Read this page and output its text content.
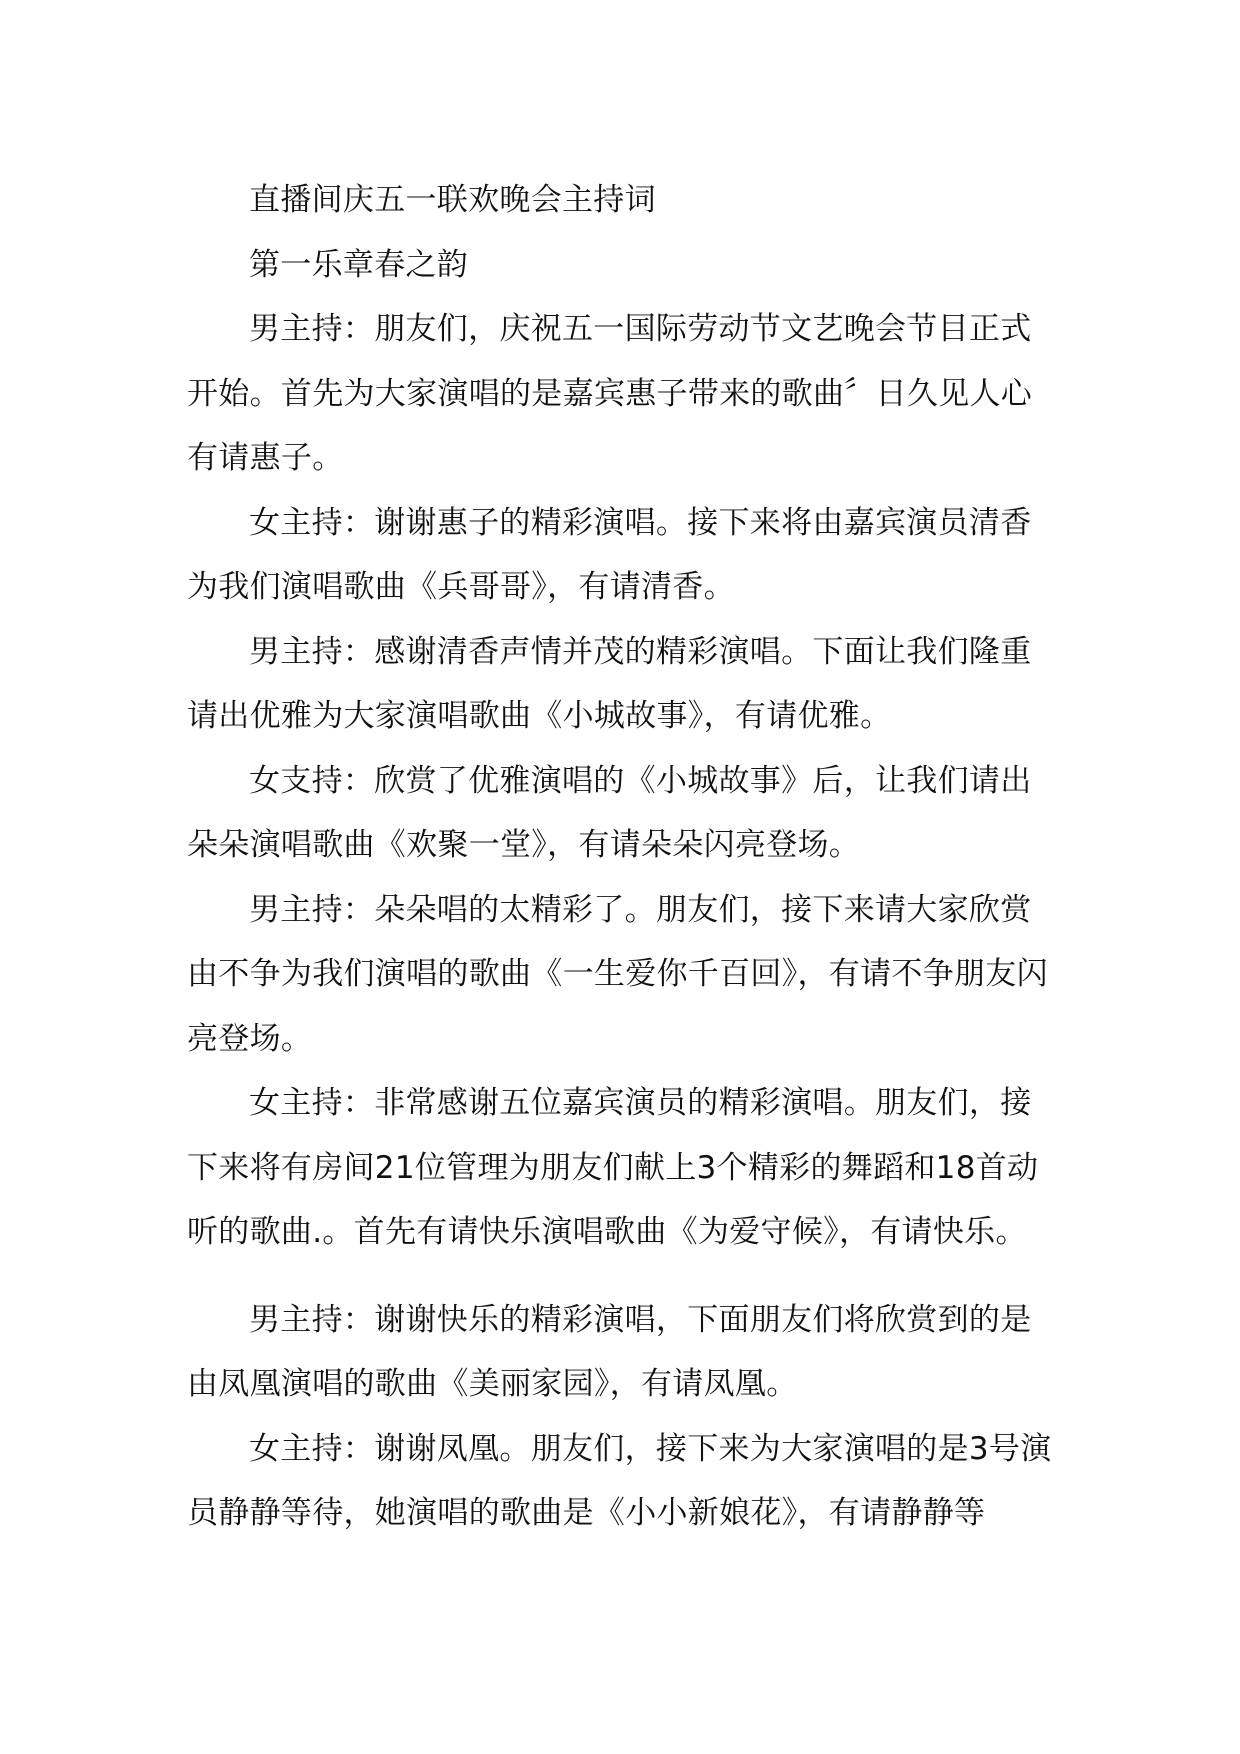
直播间庆五一联欢晚会主持词

第一乐章春之韵

男主持：朋友们，庆祝五一国际劳动节文艺晚会节目正式开始。首先为大家演唱的是嘉宾惠子带来的歌曲〞日久见人心有请惠子。

女主持：谢谢惠子的精彩演唱。接下来将由嘉宾演员清香为我们演唱歌曲《兵哥哥》，有请清香。

男主持：感谢清香声情并茂的精彩演唱。下面让我们隆重请出优雅为大家演唱歌曲《小城故事》，有请优雅。

女支持：欣赏了优雅演唱的《小城故事》后，让我们请出朵朵演唱歌曲《欢聚一堂》，有请朵朵闪亮登场。

男主持：朵朵唱的太精彩了。朋友们，接下来请大家欣赏由不争为我们演唱的歌曲《一生爱你千百回》，有请不争朋友闪亮登场。

女主持：非常感谢五位嘉宾演员的精彩演唱。朋友们，接下来将有房间21位管理为朋友们献上3个精彩的舞蹈和18首动听的歌曲.。首先有请快乐演唱歌曲《为爱守候》，有请快乐。

男主持：谢谢快乐的精彩演唱，下面朋友们将欣赏到的是由凤凰演唱的歌曲《美丽家园》，有请凤凰。

女主持：谢谢凤凰。朋友们，接下来为大家演唱的是3号演员静静等待，她演唱的歌曲是《小小新娘花》，有请静静等
